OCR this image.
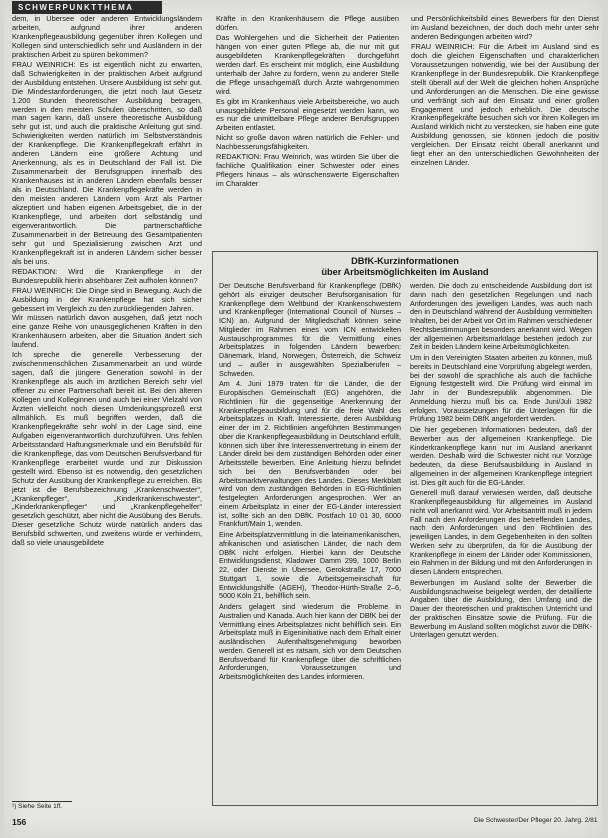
SCHWERPUNKTTHEMA

dem, in Übersee oder anderen Entwicklungsländern arbeiten, aufgrund ihrer anderen Krankenpflegeausbildung gegenüber ihren Kollegen und Kollegen sind unterschiedlich sehr und Ausländern in der praktischen Arbeit zu spüren bekommen?

FRAU WEINRICH: Es ist eigentlich nicht zu erwarten, daß Schwierigkeiten in der praktischen Arbeit aufgrund der Ausbildung entstehen. Unsere Ausbildung ist sehr gut. Die Mindestanforderungen, die jetzt noch laut Gesetz 1.200 Stunden theoretischer Ausbildung betragen, werden in den meisten Schulen überschritten, so daß man sagen kann, daß unsere theoretische Ausbildung sehr gut ist, und auch die praktische Anleitung gut sind. Schwierigkeiten werden natürlich im Selbstverständnis der Krankenpflege. Die Krankenpflegekraft erfährt in anderen Ländern eine größere Achtung und Anerkennung, als es in Deutschland der Fall ist. Die Zusammenarbeit der Berufsgruppen innerhalb des Krankenhauses ist in anderen Ländern ebenfalls besser als in Deutschland. Die Krankenpflegekräfte werden in den meisten anderen Ländern vom Arzt als Partner akzeptiert und haben eigenen Arbeitsgebiet, die in der Krankenpflege, und arbeiten dort selbständig und eigenverantwortlich. Die partnerschaftliche Zusammenarbeit in der Betreuung des Gesamtpatienten sehr gut und Spezialisierung zwischen Arzt und Krankenpflegekraft ist in anderen Ländern sicher besser als bei uns.

REDAKTION: Wird die Krankenpflege in der Bundesrepublik hierin absehbarer Zeit aufholen können?

FRAU WEINRICH: Die Dinge sind in Bewegung. Auch die Ausbildung in der Krankenpflege hat sich sicher gebessert im Vergleich zu den zurückliegenden Jahren.

Wir müssen natürlich davon ausgehen, daß jetzt noch eine ganze Reihe von unausgeglichenen Kräften in den Krankenhäusern arbeiten, aber die Situation ändert sich laufend.

Ich spreche die generelle Verbesserung der zwischenmenschlichen Zusammenarbeit an und würde sagen, daß die jüngere Generation sowohl in der Krankenpflege als auch im ärztlichen Bereich sehr viel offener zu einer Partnerschaft bereit ist. Bei den älteren Kollegen und Kolleginnen und auch bei einer Vielzahl von Ärzten vielleicht noch diesen Umdenkungsprozeß erst allmählich. Es muß begriffen werden, daß die Krankenpflegekräfte sehr wohl in der Lage sind, eine Aufgaben eigenverantwortlich durchzuführen. Uns fehlen Arbeitsstandard Haftungsmerkmale und ein Berufsbild für die Krankenpflege, das vom Deutschen Berufsverband für Krankenpflege erarbeitet wurde und zur Diskussion gestellt wird. Ebenso ist es notwendig, den gesetzlichen Schutz der Ausübung der Krankenpflege zu erreichen. Bis jetzt ist die Berufsbezeichnung „Krankenschwester“, „Krankenpfleger“, „Kinderkrankenschwester“, „Kinderkrankenpfleger“ und „Krankenpflegehelfer“ gesetzlich geschützt, aber nicht die Ausübung des Berufs. Dieser gesetzliche Schutz würde natürlich anders das Berufsbild schwerten, und zweitens würde er verhindern, daß so viele unausgebildete

Kräfte in den Krankenhäusern die Pflege ausüben dürfen.

Das Wohlergehen und die Sicherheit der Patienten hängen von einer guten Pflege ab, die nur mit gut ausgebildeten Krankenpflegekräften durchgeführt werden darf. Es erscheint mir möglich, eine Ausbildung unterhalb der Jahre zu fordern, wenn zu anderer Stelle die Pflege unsachgemäß durch Ärzte wahrgenommen wird.

Es gibt im Krankenhaus viele Arbeitsbereiche, wo auch unausgebildete Personal eingesetzt werden kann, wo es nur die unmittelbare Pflege anderer Berufsgruppen Arbeiten entlastet.

Nicht so große davon wären natürlich die Fehler- und Nachbesserungsfähigkeiten.

REDAKTION: Frau Weinrich, was würden Sie über die fachliche Qualifikation einer Schwester oder eines Pflegers hinaus – als wünschenswerte Eigenschaften im Charakter

und Persönlichkeitsbild eines Bewerbers für den Dienst im Ausland bezeichnen, der doch doch mehr unter sehr anderen Bedingungen arbeiten wird?

FRAU WEINRICH: Für die Arbeit im Ausland sind es doch die gleichen Eigenschaften und charakterlichen Voraussetzungen notwendig, wie bei der Ausübung der Krankenpflege in der Bundesrepublik. Die Krankenpflege stellt überall auf der Welt die gleichen hohen Ansprüche und Anforderungen an die Menschen. Die eine gewisse und verfrängt sich auf den Einsatz und einer großen Engagement und jedoch erheblich. Die deutsche Krankenpflegekräfte besuchen sich vor ihren Kollegen im Ausland wirklich nicht zu verstecken, sie haben eine gute Ausbildung genossen, sie können jedoch die positiv vergleichen. Der Einsatz reicht überall anerkannt und liegt eher an den unterschiedlichen Gewohnheiten der einzelnen Länder.

DBfK-Kurzinformationen
über Arbeitsmöglichkeiten im Ausland

Der Deutsche Berufsverband für Krankenpflege (DBfK) gehört als einziger deutscher Berufsorganisation für Krankenpflege dem Weltbund der Krankenschwestern und Krankenpfleger (International Council of Nurses – ICN) an. Aufgrund der Mitgliedschaft können seine Mitglieder im Rahmen eines vom ICN entwickelten Austauschprogrammes für die Vermittlung eines Arbeitsplatzes in folgenden Ländern bewerben: Dänemark, Irland, Norwegen, Österreich, die Schweiz und – außer in ausgewählten Spezialberufen – Schweden.

Am 4. Juni 1979 traten für die Länder, die der Europäischen Gemeinschaft (EG) angehören, die Richtlinien für die gegenseitige Anerkennung der Krankenpflegeausbildung und für die freie Wahl des Arbeitsplatzes in Kraft. Interessierte, deren Ausbildung einer der im 2. Richtlinien angeführten Bestimmungen über die Krankenpflegeausbildung in Deutschland erfüllt, können sich über ihre Interessenvertretung in einem der Länder direkt bei dem zuständigen Behörden oder einer Arbeitsstelle bewerben. Eine Anleitung hierzu befindet sich bei den Berufsverbänden oder bei Arbeitsmarktverwaltungen des Landes. Dieses Merkblatt wird von dem zuständigen Behörden in EG-Richtlinien festgelegten Anforderungen angesprochen. Wer an einem Arbeitsplatz in einer der EG-Länder interessiert ist, sollte sich an den DBfK. Postfach 10 01 30, 6000 Frankfurt/Main 1, wenden.

Eine Arbeitsplatzvermittlung in die lateinamerikanischen, afrikanischen und asiatischen Länder, die nach dem DBfK nicht erfolgen. Hierbei kann der Deutsche Entwicklungsdienst, Kladower Damm 299, 1000 Berlin 22, oder Dienste in Übersee, Gerokstraße 17, 7000 Stuttgart 1, sowie die Arbeitsgemeinschaft für Entwicklungshilfe (AGEH), Theodor-Hürth-Straße 2–6, 5000 Köln 21, behilflich sein.

Anders gelagert sind wiederum die Probleme in Australien und Kanada. Auch hier kann der DBfK bei der Vermittlung eines Arbeitsplatzes nicht behilflich sein. Ein Arbeitsplatz muß in Eigeninitiative nach dem Erhalt einer ausländischen Aufenthaltsgenehmigung beworben werden. Generell ist es ratsam, sich vor dem Deutschen Berufsverband für Krankenpflege über die schriftlichen Anforderungen, Voraussetzungen und Arbeitsmöglichkeiten des Landes informieren.

werden. Die doch zu entscheidende Ausbildung dort ist dann nach den gesetzlichen Regelungen und nach Anforderungen des jeweiligen Landes, was auch nach den in Deutschland während der Ausbildung vermittelten Inhalten, bei der Arbeit vor Ort im Rahmen verschiedener Rechtsbestimmungen besonders anerkannt wird. Wegen der allgemeinen Arbeitsmarktlage bestehen jedoch zur Zeit in beiden Ländern keine Arbeitsmöglichkeiten.

Um in den Vereinigten Staaten arbeiten zu können, muß bereits in Deutschland eine Vorprüfung abgelegt werden, bei der sowohl die sprachliche als auch die fachliche Eignung festgestellt wird. Die Prüfung wird einmal im Jahr in der Bundesrepublik abgenommen. Die Anmeldung hierzu muß bis ca. Ende Juni/Juli 1982 erfolgen. Voraussetzungen für die Unterlagen für die Prüfung 1982 beim DBfK angefordert werden.

Die hier gegebenen Informationen bedeuten, daß der Bewerber aus der allgemeinen Krankenpflege. Die Kinderkrankenpflege kann nur im Ausland anerkannt werden. Deshalb wird die Schwester nicht nur Vorzüge bedeuten, da diese Berufsausbildung in Ausland in allgemeinen in der allgemeinen Krankenpflege integriert ist. Dies gilt auch für die EG-Länder.

Generell muß darauf verwiesen werden, daß deutsche Krankenpflegeausbildung für allgemeines im Ausland nicht voll anerkannt wird. Vor Arbeitsantritt muß in jedem Fall nach den Anforderungen des betreffenden Landes, nach den Anforderungen und den Richtlinien des jeweiligen Landes, in dem Gegebenheiten in den sollten Werken sehr zu überprüfen, da für die Ausübung der Krankenpflege in einem der Länder oder Kommissionen, ein Rahmen in der Bildung und mit den Anforderungen in diesen Ländern entsprechen.

Bewerbungen im Ausland sollte der Bewerber die Ausbildungsnachweise beigelegt werden, der detaillierte Angaben über die Ausbildung, den Umfang und die Dauer der theoretischen und praktischen Unterricht und der praktischen Einsätze sowie die Prüfung. Für die Bewerbung im Ausland sollten möglichst zuvor die DBfK-Unterlagen genutzt werden.

¹) Siehe Seite 1ff.
156	Die Schwester/Der Pfleger 20. Jahrg. 2/81
